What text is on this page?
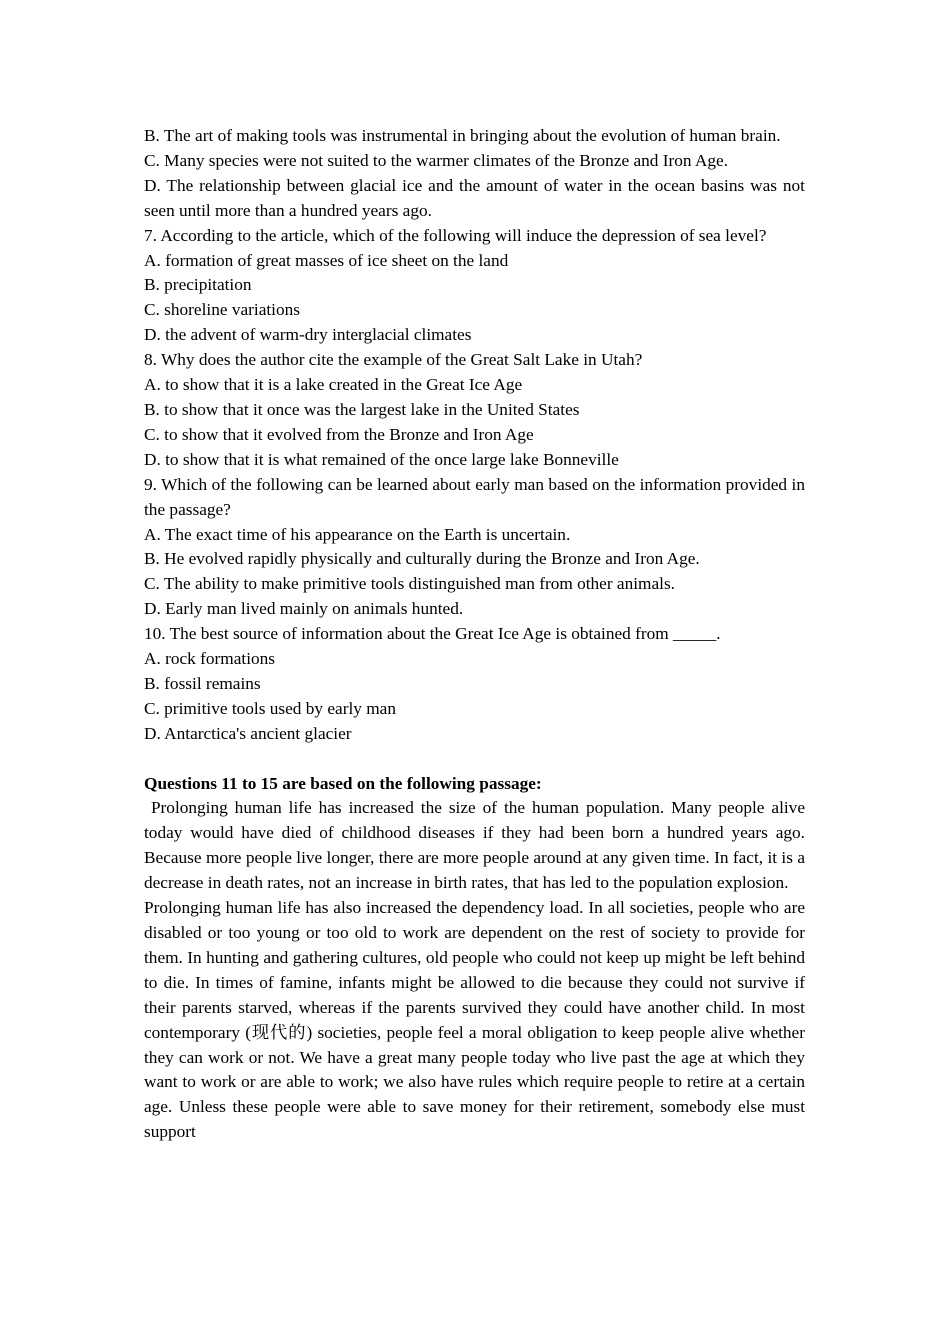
B. The art of making tools was instrumental in bringing about the evolution of human brain.

C. Many species were not suited to the warmer climates of the Bronze and Iron Age.

D. The relationship between glacial ice and the amount of water in the ocean basins was not seen until more than a hundred years ago.

7. According to the article, which of the following will induce the depression of sea level?

A. formation of great masses of ice sheet on the land

B. precipitation

C. shoreline variations

D. the advent of warm-dry interglacial climates

8. Why does the author cite the example of the Great Salt Lake in Utah?

A. to show that it is a lake created in the Great Ice Age

B. to show that it once was the largest lake in the United States

C. to show that it evolved from the Bronze and Iron Age

D. to show that it is what remained of the once large lake Bonneville

9. Which of the following can be learned about early man based on the information provided in the passage?

A. The exact time of his appearance on the Earth is uncertain.

B. He evolved rapidly physically and culturally during the Bronze and Iron Age.

C. The ability to make primitive tools distinguished man from other animals.

D. Early man lived mainly on animals hunted.

10. The best source of information about the Great Ice Age is obtained from _____.

A. rock formations

B. fossil remains

C. primitive tools used by early man

D. Antarctica's ancient glacier

Questions 11 to 15 are based on the following passage:

Prolonging human life has increased the size of the human population. Many people alive today would have died of childhood diseases if they had been born a hundred years ago. Because more people live longer, there are more people around at any given time. In fact, it is a decrease in death rates, not an increase in birth rates, that has led to the population explosion.

Prolonging human life has also increased the dependency load. In all societies, people who are disabled or too young or too old to work are dependent on the rest of society to provide for them. In hunting and gathering cultures, old people who could not keep up might be left behind to die. In times of famine, infants might be allowed to die because they could not survive if their parents starved, whereas if the parents survived they could have another child. In most contemporary (现代的) societies, people feel a moral obligation to keep people alive whether they can work or not. We have a great many people today who live past the age at which they want to work or are able to work; we also have rules which require people to retire at a certain age. Unless these people were able to save money for their retirement, somebody else must support
